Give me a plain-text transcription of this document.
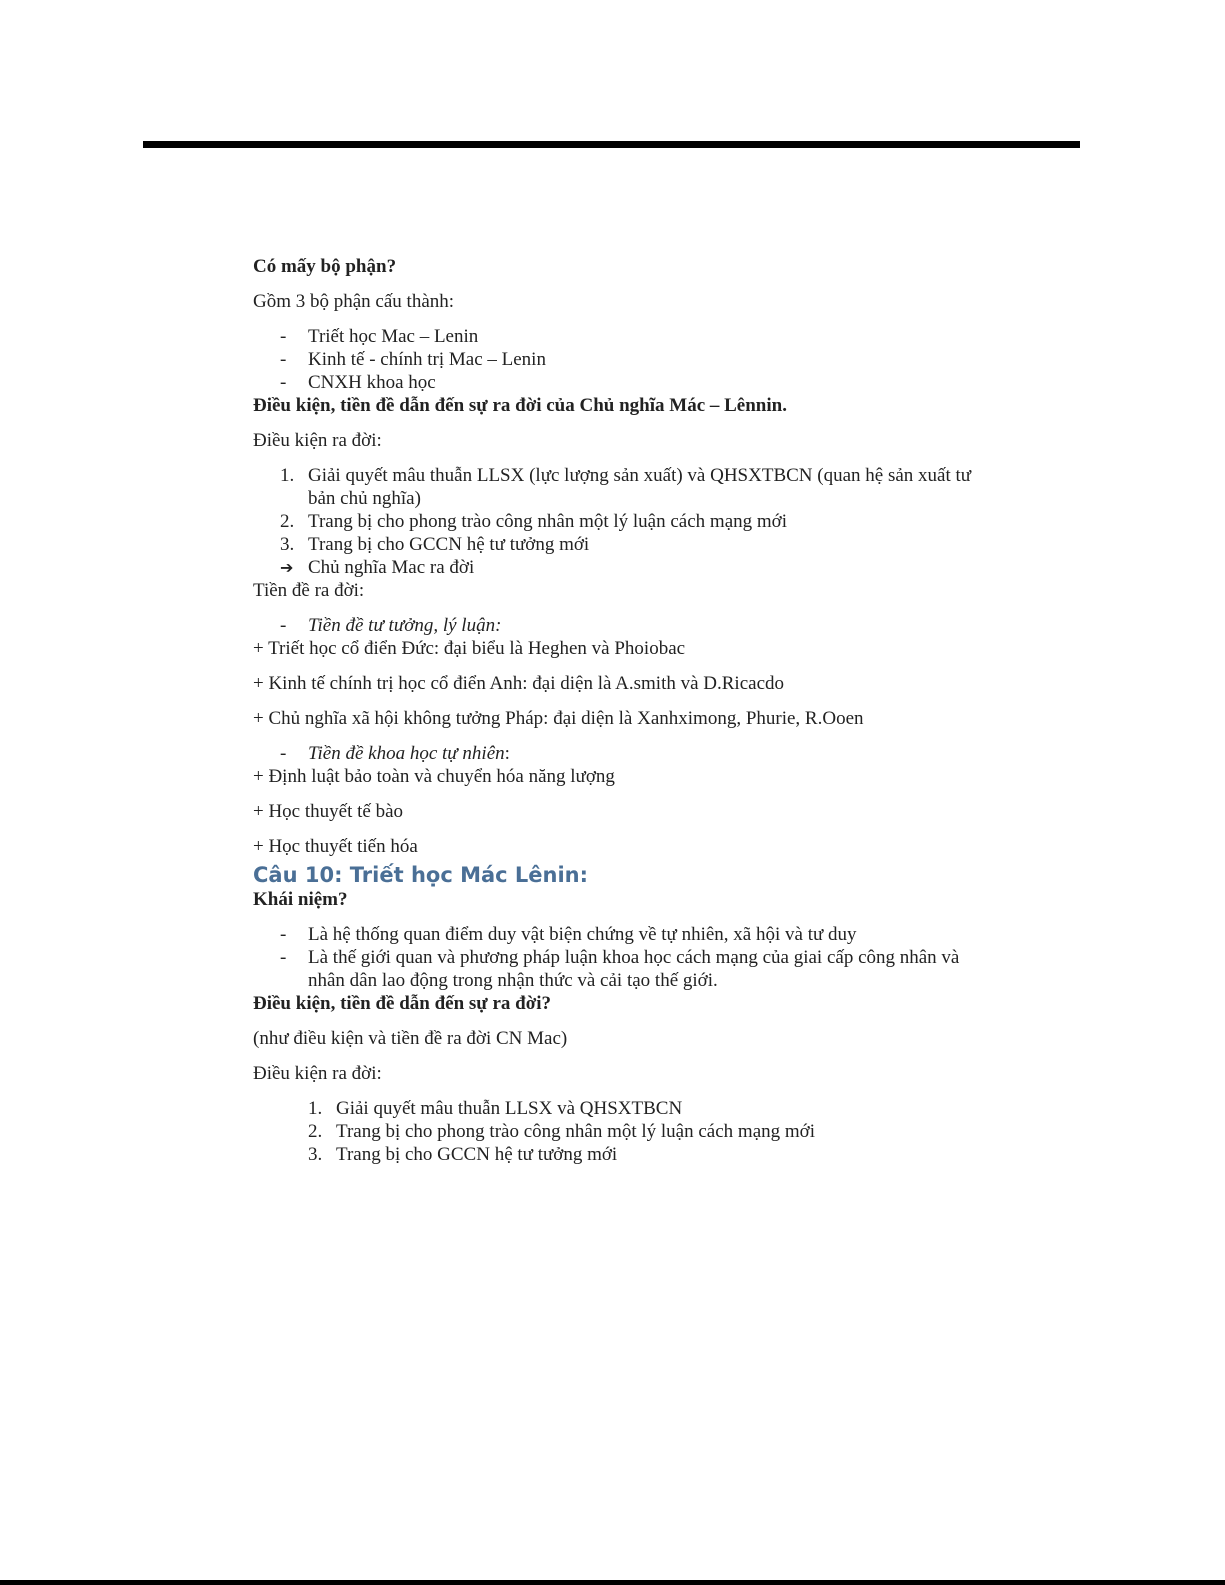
Có mấy bộ phận?

Gồm 3 bộ phận cấu thành:

- Triết học Mac – Lenin
- Kinh tế - chính trị Mac – Lenin
- CNXH khoa học

Điều kiện, tiền đề dẫn đến sự ra đời của Chủ nghĩa Mác – Lênnin.

Điều kiện ra đời:

1. Giải quyết mâu thuẫn LLSX (lực lượng sản xuất) và QHSXTBCN (quan hệ sản xuất tư bản chủ nghĩa)
2. Trang bị cho phong trào công nhân một lý luận cách mạng mới
3. Trang bị cho GCCN hệ tư tưởng mới
➔ Chủ nghĩa Mac ra đời

Tiền đề ra đời:

- Tiền đề tư tưởng, lý luận:

+ Triết học cổ điển Đức: đại biểu là Heghen và Phoiobac

+ Kinh tế chính trị học cổ điển Anh: đại diện là A.smith và D.Ricacdo

+ Chủ nghĩa xã hội không tưởng Pháp: đại diện là Xanhximong, Phurie, R.Ooen

- Tiền đề khoa học tự nhiên:

+ Định luật bảo toàn và chuyển hóa năng lượng

+ Học thuyết tế bào

+ Học thuyết tiến hóa

Câu 10: Triết học Mác Lênin:

Khái niệm?

- Là hệ thống quan điểm duy vật biện chứng về tự nhiên, xã hội và tư duy
- Là thế giới quan và phương pháp luận khoa học cách mạng của giai cấp công nhân và nhân dân lao động trong nhận thức và cải tạo thế giới.

Điều kiện, tiền đề dẫn đến sự ra đời?

(như điều kiện và tiền đề ra đời CN Mac)

Điều kiện ra đời:

1. Giải quyết mâu thuẫn LLSX và QHSXTBCN
2. Trang bị cho phong trào công nhân một lý luận cách mạng mới
3. Trang bị cho GCCN hệ tư tưởng mới
